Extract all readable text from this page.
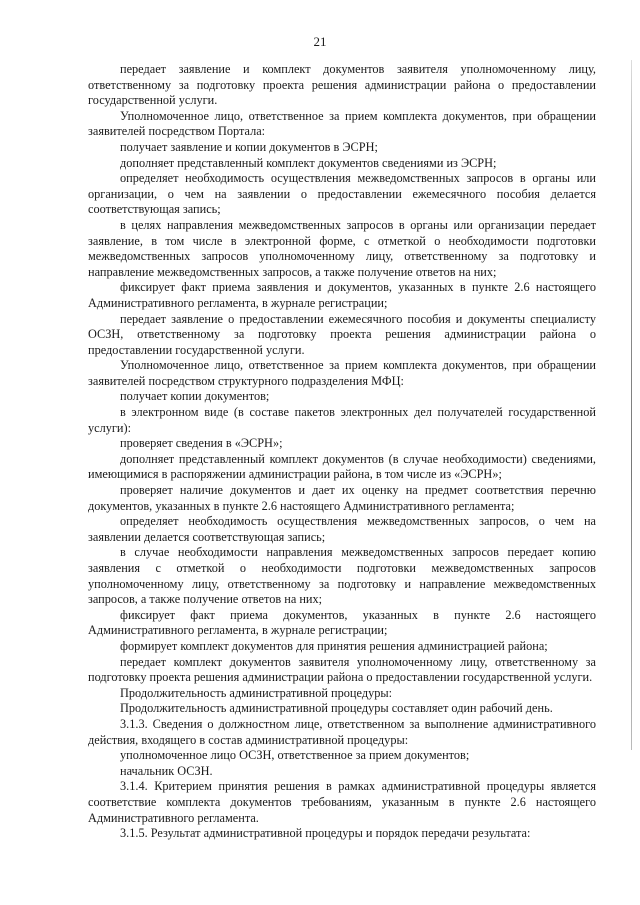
21

передает заявление и комплект документов заявителя уполномоченному лицу, ответственному за подготовку проекта решения администрации района о предоставлении государственной услуги.

Уполномоченное лицо, ответственное за прием комплекта документов, при обращении заявителей посредством Портала:

получает заявление и копии документов в ЭСРН;

дополняет представленный комплект документов сведениями из ЭСРН;

определяет необходимость осуществления межведомственных запросов в органы или организации, о чем на заявлении о предоставлении ежемесячного пособия делается соответствующая запись;

в целях направления межведомственных запросов в органы или организации передает заявление, в том числе в электронной форме, с отметкой о необходимости подготовки межведомственных запросов уполномоченному лицу, ответственному за подготовку и направление межведомственных запросов, а также получение ответов на них;

фиксирует факт приема заявления и документов, указанных в пункте 2.6 настоящего Административного регламента, в журнале регистрации;

передает заявление о предоставлении ежемесячного пособия и документы специалисту ОСЗН, ответственному за подготовку проекта решения администрации района о предоставлении государственной услуги.

Уполномоченное лицо, ответственное за прием комплекта документов, при обращении заявителей посредством структурного подразделения МФЦ:

получает копии документов;

в электронном виде (в составе пакетов электронных дел получателей государственной услуги):

проверяет сведения в «ЭСРН»;

дополняет представленный комплект документов (в случае необходимости) сведениями, имеющимися в распоряжении администрации района, в том числе из «ЭСРН»;

проверяет наличие документов и дает их оценку на предмет соответствия перечню документов, указанных в пункте 2.6 настоящего Административного регламента;

определяет необходимость осуществления межведомственных запросов, о чем на заявлении делается соответствующая запись;

в случае необходимости направления межведомственных запросов передает копию заявления с отметкой о необходимости подготовки межведомственных запросов уполномоченному лицу, ответственному за подготовку и направление межведомственных запросов, а также получение ответов на них;

фиксирует факт приема документов, указанных в пункте 2.6 настоящего Административного регламента, в журнале регистрации;

формирует комплект документов для принятия решения администрацией района;

передает комплект документов заявителя уполномоченному лицу, ответственному за подготовку проекта решения администрации района о предоставлении государственной услуги.

Продолжительность административной процедуры:

Продолжительность административной процедуры составляет один рабочий день.

3.1.3. Сведения о должностном лице, ответственном за выполнение административного действия, входящего в состав административной процедуры:

уполномоченное лицо ОСЗН, ответственное за прием документов;

начальник ОСЗН.

3.1.4. Критерием принятия решения в рамках административной процедуры является соответствие комплекта документов требованиям, указанным в пункте 2.6 настоящего Административного регламента.

3.1.5. Результат административной процедуры и порядок передачи результата:
